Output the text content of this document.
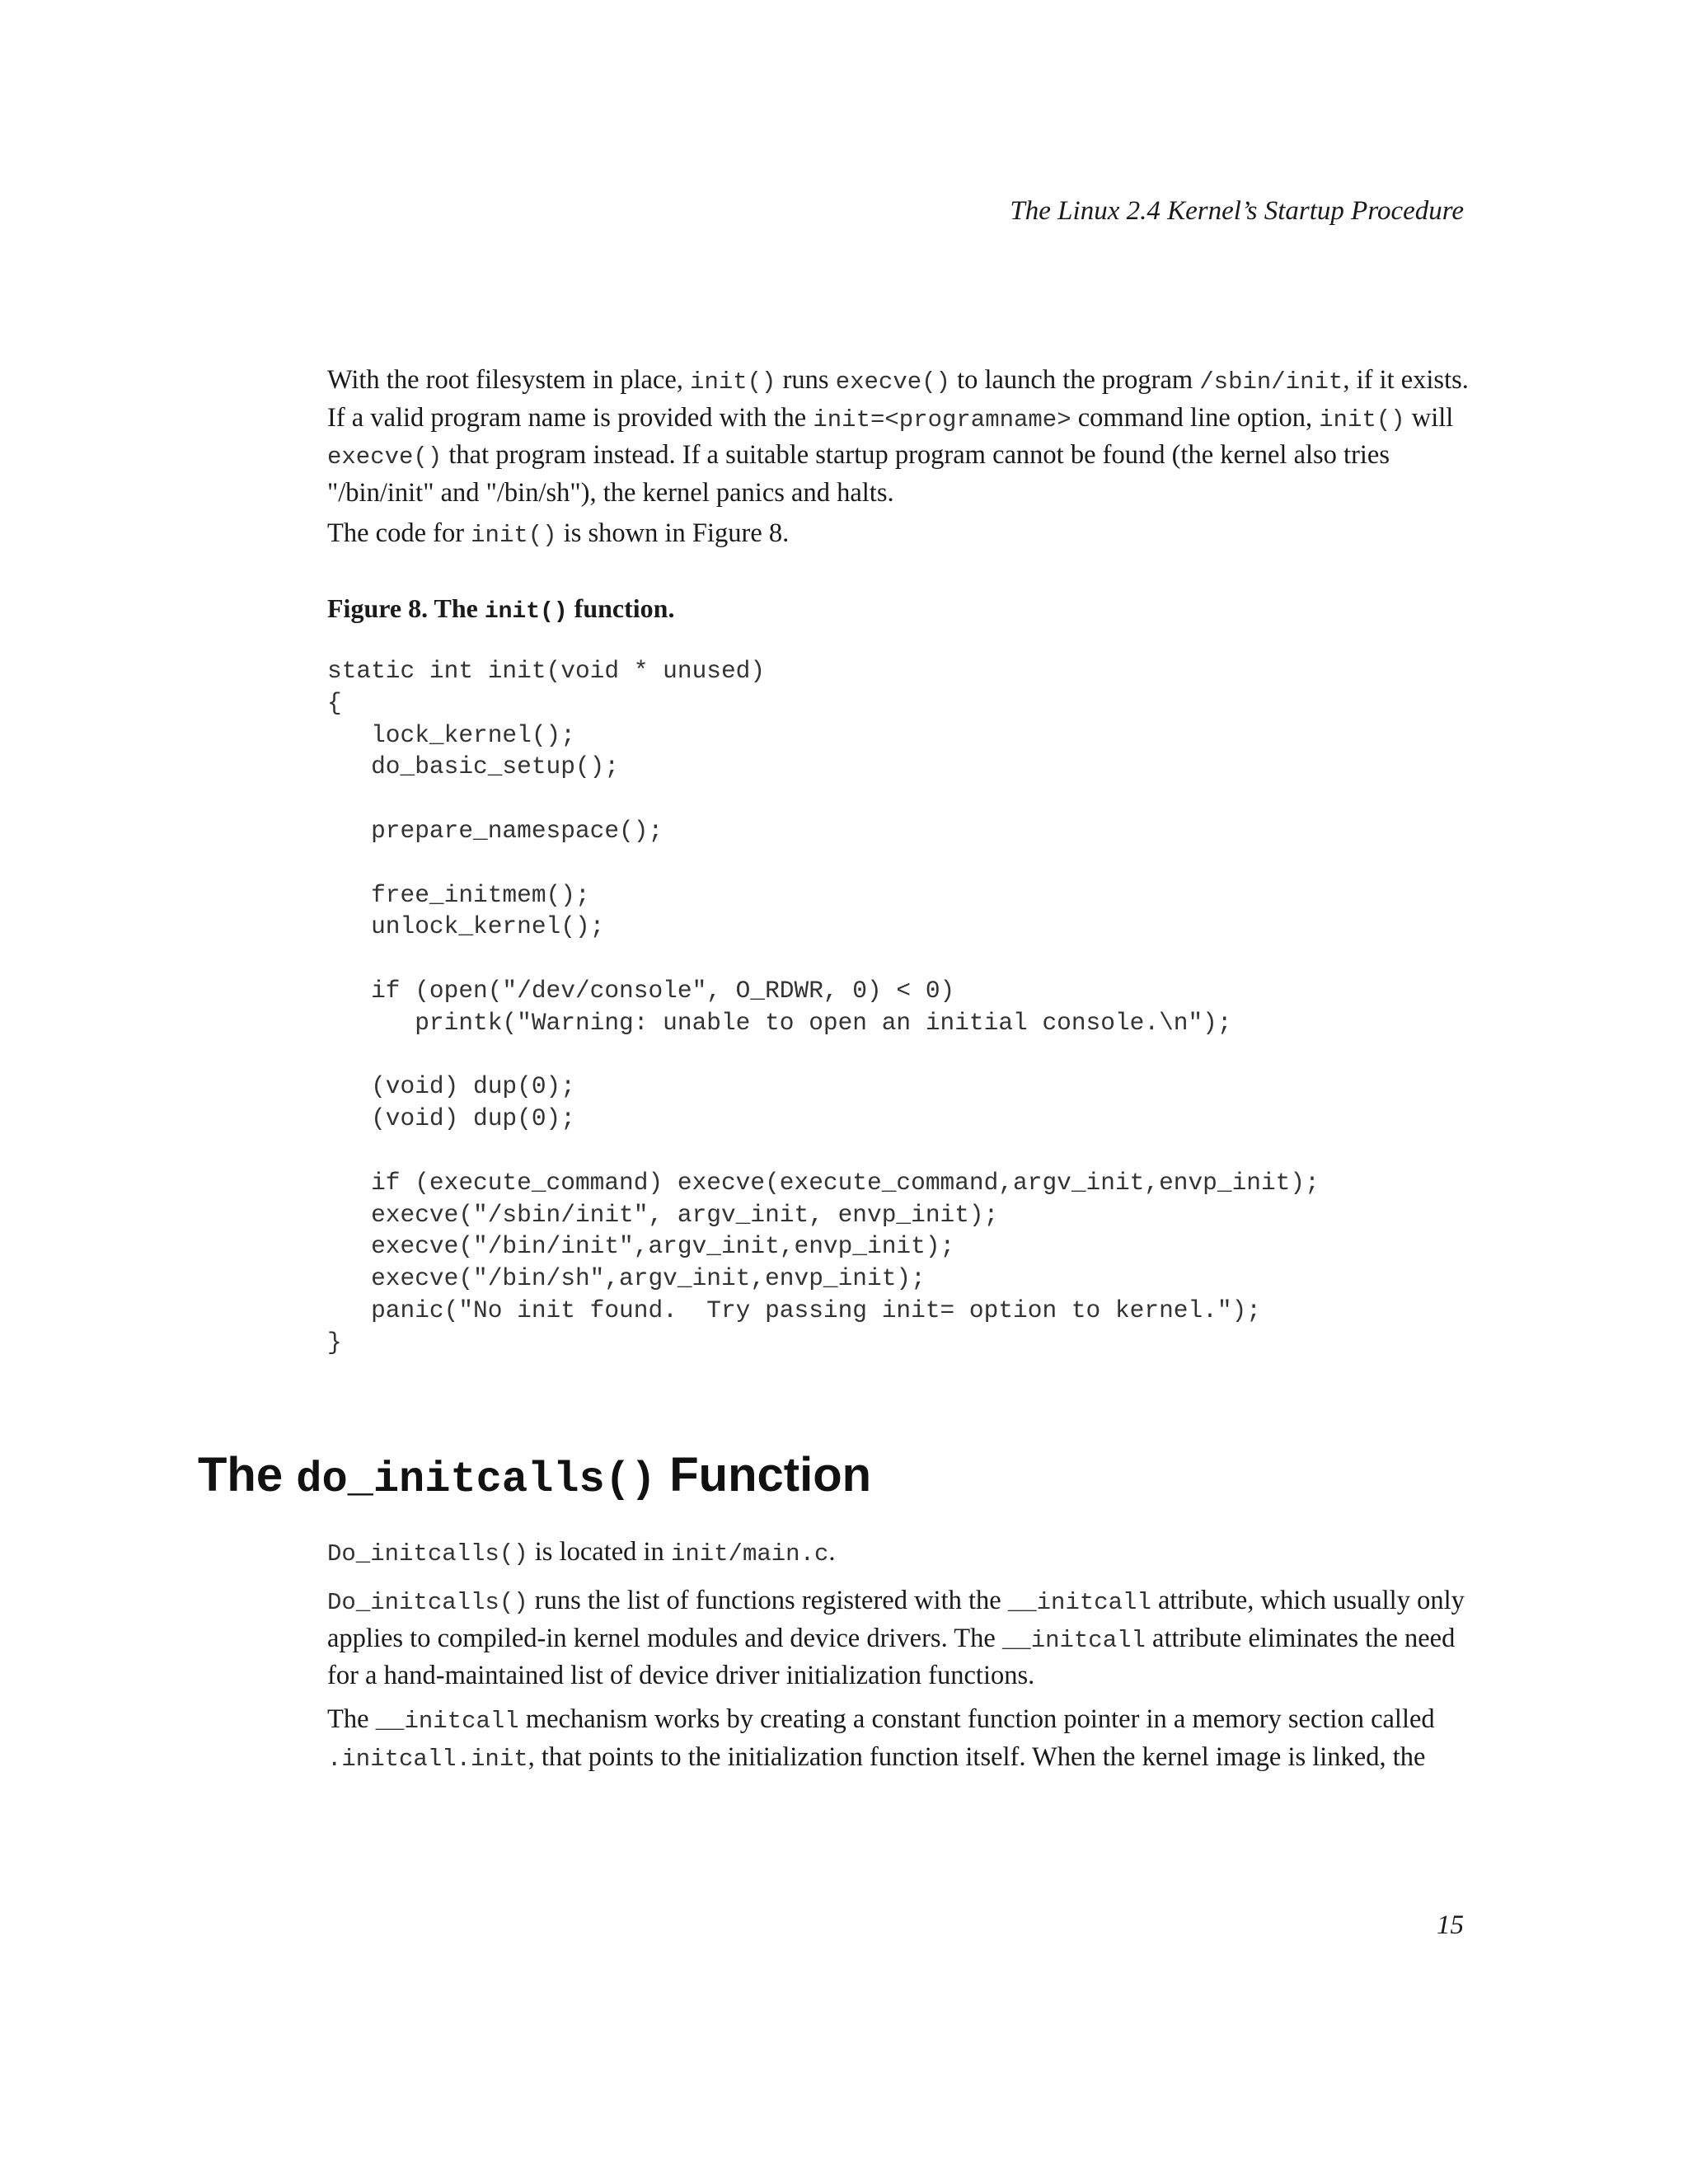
The Linux 2.4 Kernel’s Startup Procedure

With the root filesystem in place, init() runs execve() to launch the program /sbin/init, if it exists. If a valid program name is provided with the init=<programname> command line option, init() will execve() that program instead. If a suitable startup program cannot be found (the kernel also tries "/bin/init" and "/bin/sh"), the kernel panics and halts.

The code for init() is shown in Figure 8.

Figure 8. The init() function.
static int init(void * unused)
{
lock_kernel();
do_basic_setup();

prepare_namespace();

free_initmem();
unlock_kernel();

if (open("/dev/console", O_RDWR, 0) < 0)
printk("Warning: unable to open an initial console.\n");

(void) dup(0);
(void) dup(0);

if (execute_command) execve(execute_command,argv_init,envp_init);
execve("/sbin/init", argv_init, envp_init);
execve("/bin/init",argv_init,envp_init);
execve("/bin/sh",argv_init,envp_init);
panic("No init found.  Try passing init= option to kernel.");
}
The do_initcalls() Function

Do_initcalls() is located in init/main.c.

Do_initcalls() runs the list of functions registered with the __initcall attribute, which usually only applies to compiled-in kernel modules and device drivers. The __initcall attribute eliminates the need for a hand-maintained list of device driver initialization functions.

The __initcall mechanism works by creating a constant function pointer in a memory section called .initcall.init, that points to the initialization function itself. When the kernel image is linked, the

15
